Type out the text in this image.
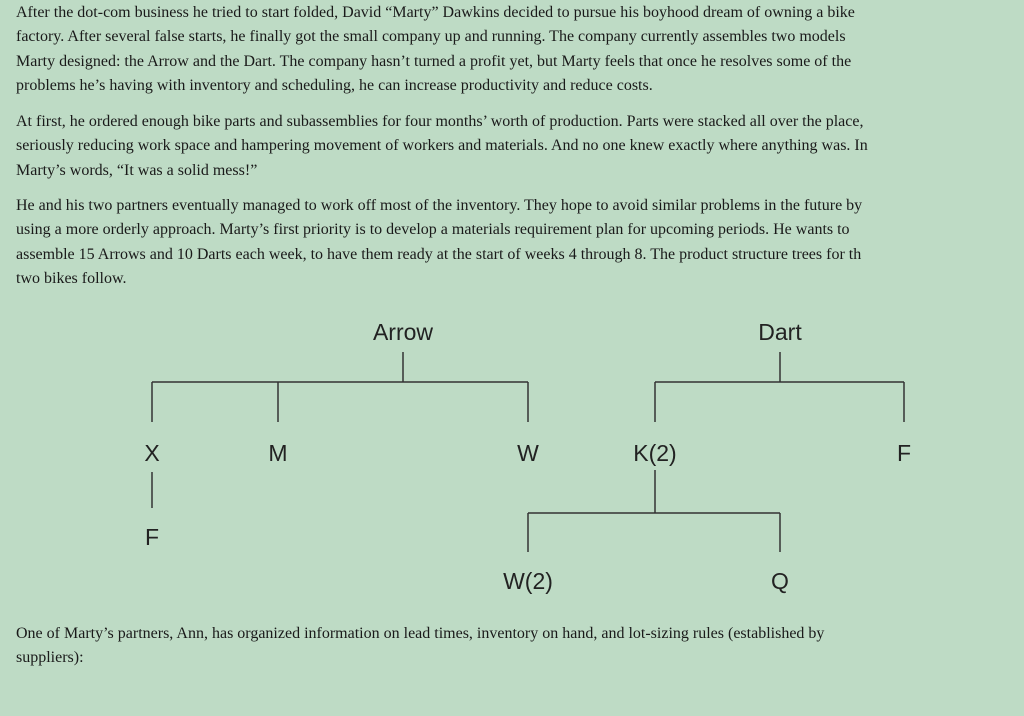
After the dot-com business he tried to start folded, David “Marty” Dawkins decided to pursue his boyhood dream of owning a bike
factory. After several false starts, he finally got the small company up and running. The company currently assembles two models
Marty designed: the Arrow and the Dart. The company hasn’t turned a profit yet, but Marty feels that once he resolves some of the
problems he’s having with inventory and scheduling, he can increase productivity and reduce costs.
At first, he ordered enough bike parts and subassemblies for four months’ worth of production. Parts were stacked all over the place,
seriously reducing work space and hampering movement of workers and materials. And no one knew exactly where anything was. In
Marty’s words, “It was a solid mess!”
He and his two partners eventually managed to work off most of the inventory. They hope to avoid similar problems in the future by
using a more orderly approach. Marty’s first priority is to develop a materials requirement plan for upcoming periods. He wants to
assemble 15 Arrows and 10 Darts each week, to have them ready at the start of weeks 4 through 8. The product structure trees for th
two bikes follow.
Arrow
X	M	W
F
Dart
K(2)	F
W(2)	Q
One of Marty’s partners, Ann, has organized information on lead times, inventory on hand, and lot-sizing rules (established by
suppliers):
